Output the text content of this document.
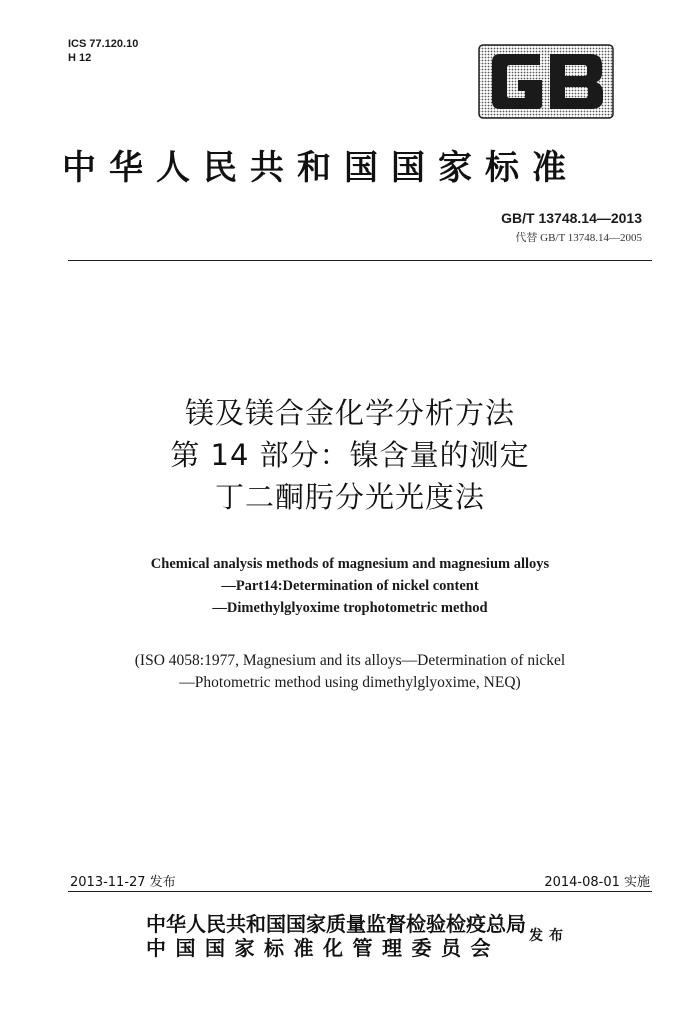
ICS 77.120.10
H 12
中华人民共和国国家标准
GB/T 13748.14—2013
代替 GB/T 13748.14—2005
镁及镁合金化学分析方法
第 14 部分：镍含量的测定
丁二酮肟分光光度法
Chemical analysis methods of magnesium and magnesium alloys
—Part14:Determination of nickel content
—Dimethylglyoxime trophotometric method
(ISO 4058:1977, Magnesium and its alloys—Determination of nickel
—Photometric method using dimethylglyoxime, NEQ)
2013-11-27 发布	2014-08-01 实施
中华人民共和国国家质量监督检验检疫总局
中国国家标准化管理委员会	发布
